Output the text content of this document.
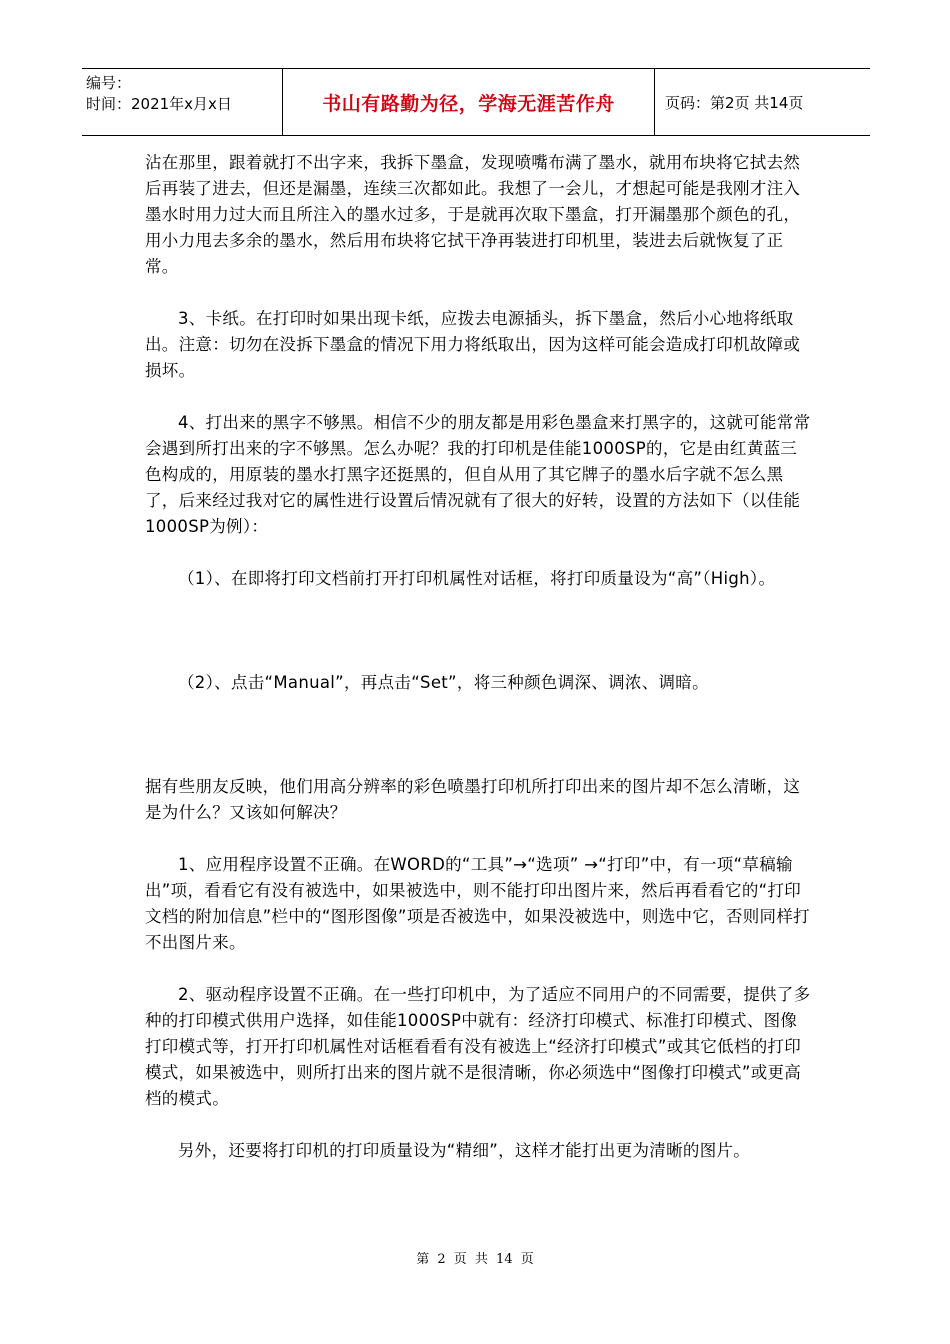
编号：
时间：2021年x月x日	书山有路勤为径，学海无涯苦作舟	页码：第2页 共14页

沾在那里，跟着就打不出字来，我拆下墨盒，发现喷嘴布满了墨水，就用布块将它拭去然后再装了进去，但还是漏墨，连续三次都如此。我想了一会儿，才想起可能是我刚才注入墨水时用力过大而且所注入的墨水过多，于是就再次取下墨盒，打开漏墨那个颜色的孔，用小力甩去多余的墨水，然后用布块将它拭干净再装进打印机里，装进去后就恢复了正常。

3、卡纸。在打印时如果出现卡纸，应拨去电源插头，拆下墨盒，然后小心地将纸取出。注意：切勿在没拆下墨盒的情况下用力将纸取出，因为这样可能会造成打印机故障或损坏。

4、打出来的黑字不够黑。相信不少的朋友都是用彩色墨盒来打黑字的，这就可能常常会遇到所打出来的字不够黑。怎么办呢？我的打印机是佳能1000SP的，它是由红黄蓝三色构成的，用原装的墨水打黑字还挺黑的，但自从用了其它牌子的墨水后字就不怎么黑了，后来经过我对它的属性进行设置后情况就有了很大的好转，设置的方法如下（以佳能1000SP为例）：

（1）、在即将打印文档前打开打印机属性对话框，将打印质量设为“高”（High）。

（2）、点击“Manual”，再点击“Set”，将三种颜色调深、调浓、调暗。

据有些朋友反映，他们用高分辨率的彩色喷墨打印机所打印出来的图片却不怎么清晰，这是为什么？又该如何解决？

1、应用程序设置不正确。在WORD的“工具”→“选项” →“打印”中，有一项“草稿输出”项，看看它有没有被选中，如果被选中，则不能打印出图片来，然后再看看它的“打印文档的附加信息”栏中的“图形图像”项是否被选中，如果没被选中，则选中它，否则同样打不出图片来。

2、驱动程序设置不正确。在一些打印机中，为了适应不同用户的不同需要，提供了多种的打印模式供用户选择，如佳能1000SP中就有：经济打印模式、标准打印模式、图像打印模式等，打开打印机属性对话框看看有没有被选上“经济打印模式”或其它低档的打印模式，如果被选中，则所打出来的图片就不是很清晰，你必须选中“图像打印模式”或更高档的模式。

另外，还要将打印机的打印质量设为“精细”，这样才能打出更为清晰的图片。

第 2 页 共 14 页
